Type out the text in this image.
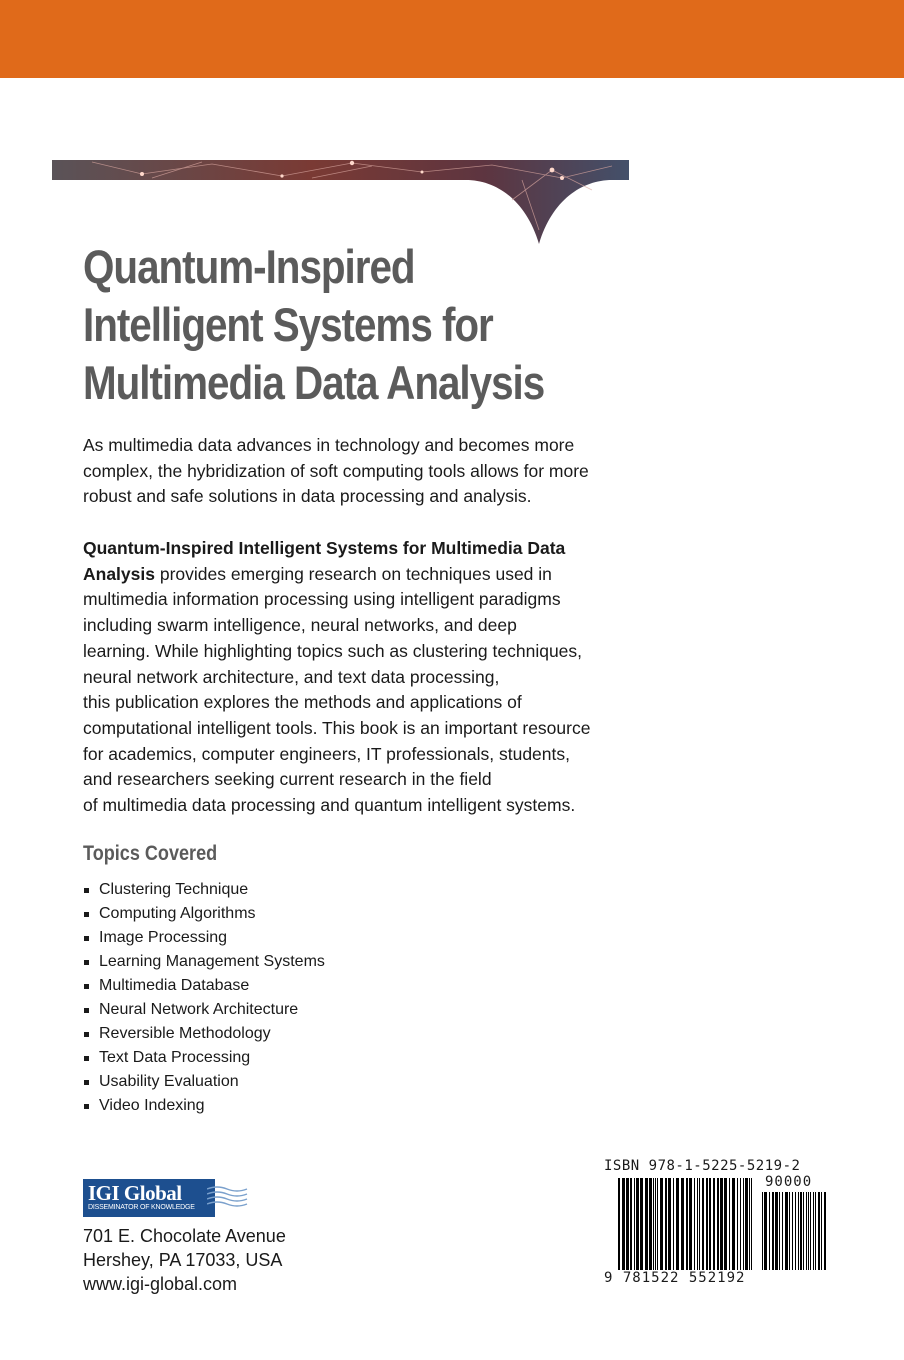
Quantum-Inspired
Intelligent Systems for
Multimedia Data Analysis

As multimedia data advances in technology and becomes more
complex, the hybridization of soft computing tools allows for more
robust and safe solutions in data processing and analysis.

Quantum-Inspired Intelligent Systems for Multimedia Data
Analysis provides emerging research on techniques used in
multimedia information processing using intelligent paradigms
including swarm intelligence, neural networks, and deep
learning. While highlighting topics such as clustering techniques,
neural network architecture, and text data processing,
this publication explores the methods and applications of
computational intelligent tools. This book is an important resource
for academics, computer engineers, IT professionals, students,
and researchers seeking current research in the field
of multimedia data processing and quantum intelligent systems.

Topics Covered
Clustering Technique
Computing Algorithms
Image Processing
Learning Management Systems
Multimedia Database
Neural Network Architecture
Reversible Methodology
Text Data Processing
Usability Evaluation
Video Indexing
IGI Global
DISSEMINATOR OF KNOWLEDGE

701 E. Chocolate Avenue
Hershey, PA 17033, USA
www.igi-global.com

ISBN 978-1-5225-5219-2
90000
9 781522 552192
